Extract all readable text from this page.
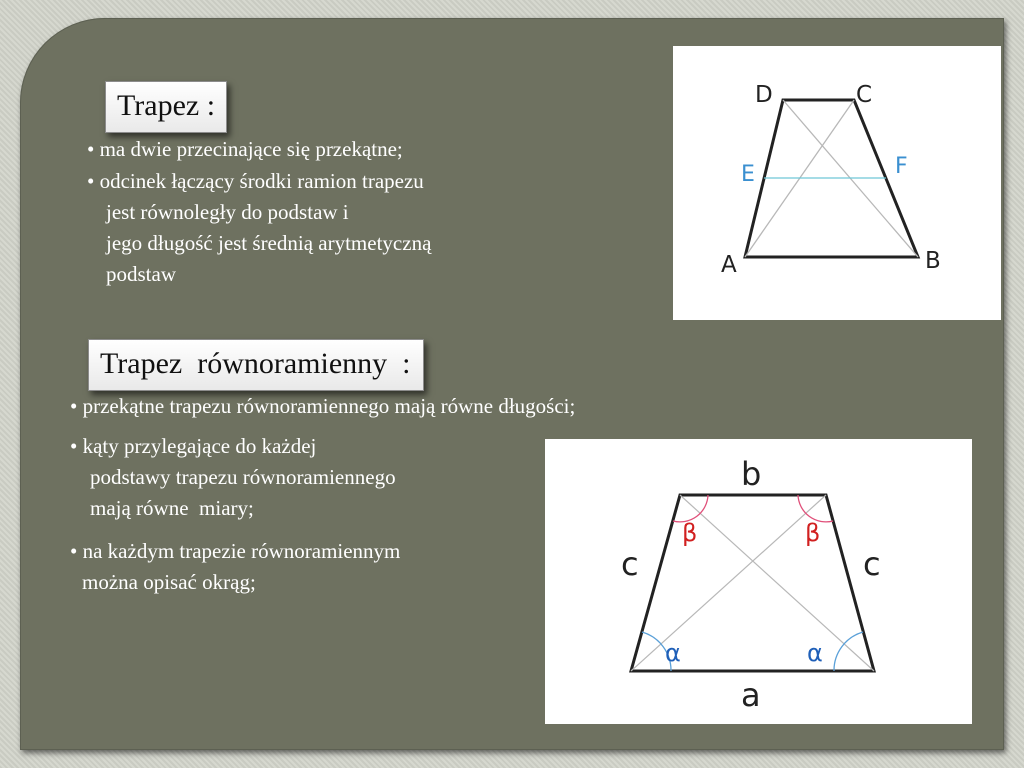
Trapez :
• ma dwie przecinające się przekątne;
• odcinek łączący środki ramion trapezu
jest równoległy do podstaw i
jego długość jest średnią arytmetyczną
podstaw
Trapez  równoramienny  :
• przekątne trapezu równoramiennego mają równe długości;
• kąty przylegające do każdej
podstawy trapezu równoramiennego
mają równe  miary;
• na każdym trapezie równoramiennym
można opisać okrąg;
D	C
E	F
A	B
b
a
c	c
β	β
α	α
